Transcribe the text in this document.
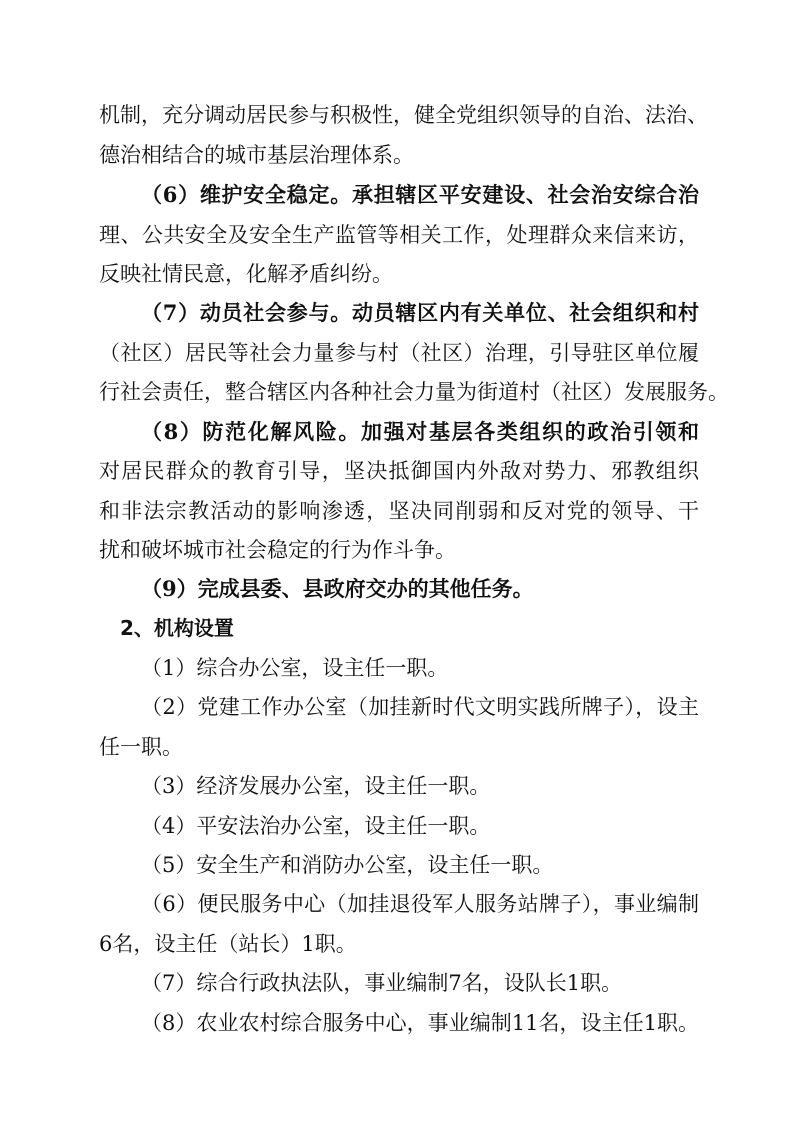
机制，充分调动居民参与积极性，健全党组织领导的自治、法治、
德治相结合的城市基层治理体系。
（6）维护安全稳定。承担辖区平安建设、社会治安综合治
理、公共安全及安全生产监管等相关工作，处理群众来信来访，
反映社情民意，化解矛盾纠纷。
（7）动员社会参与。动员辖区内有关单位、社会组织和村
（社区）居民等社会力量参与村（社区）治理，引导驻区单位履
行社会责任，整合辖区内各种社会力量为街道村（社区）发展服务。
（8）防范化解风险。加强对基层各类组织的政治引领和
对居民群众的教育引导，坚决抵御国内外敌对势力、邪教组织
和非法宗教活动的影响渗透，坚决同削弱和反对党的领导、干
扰和破坏城市社会稳定的行为作斗争。
（9）完成县委、县政府交办的其他任务。
2、机构设置
（1）综合办公室，设主任一职。
（2）党建工作办公室（加挂新时代文明实践所牌子），设主
任一职。
（3）经济发展办公室，设主任一职。
（4）平安法治办公室，设主任一职。
（5）安全生产和消防办公室，设主任一职。
（6）便民服务中心（加挂退役军人服务站牌子），事业编制
6名，设主任（站长）1职。
（7）综合行政执法队，事业编制7名，设队长1职。
（8）农业农村综合服务中心，事业编制11名，设主任1职。
